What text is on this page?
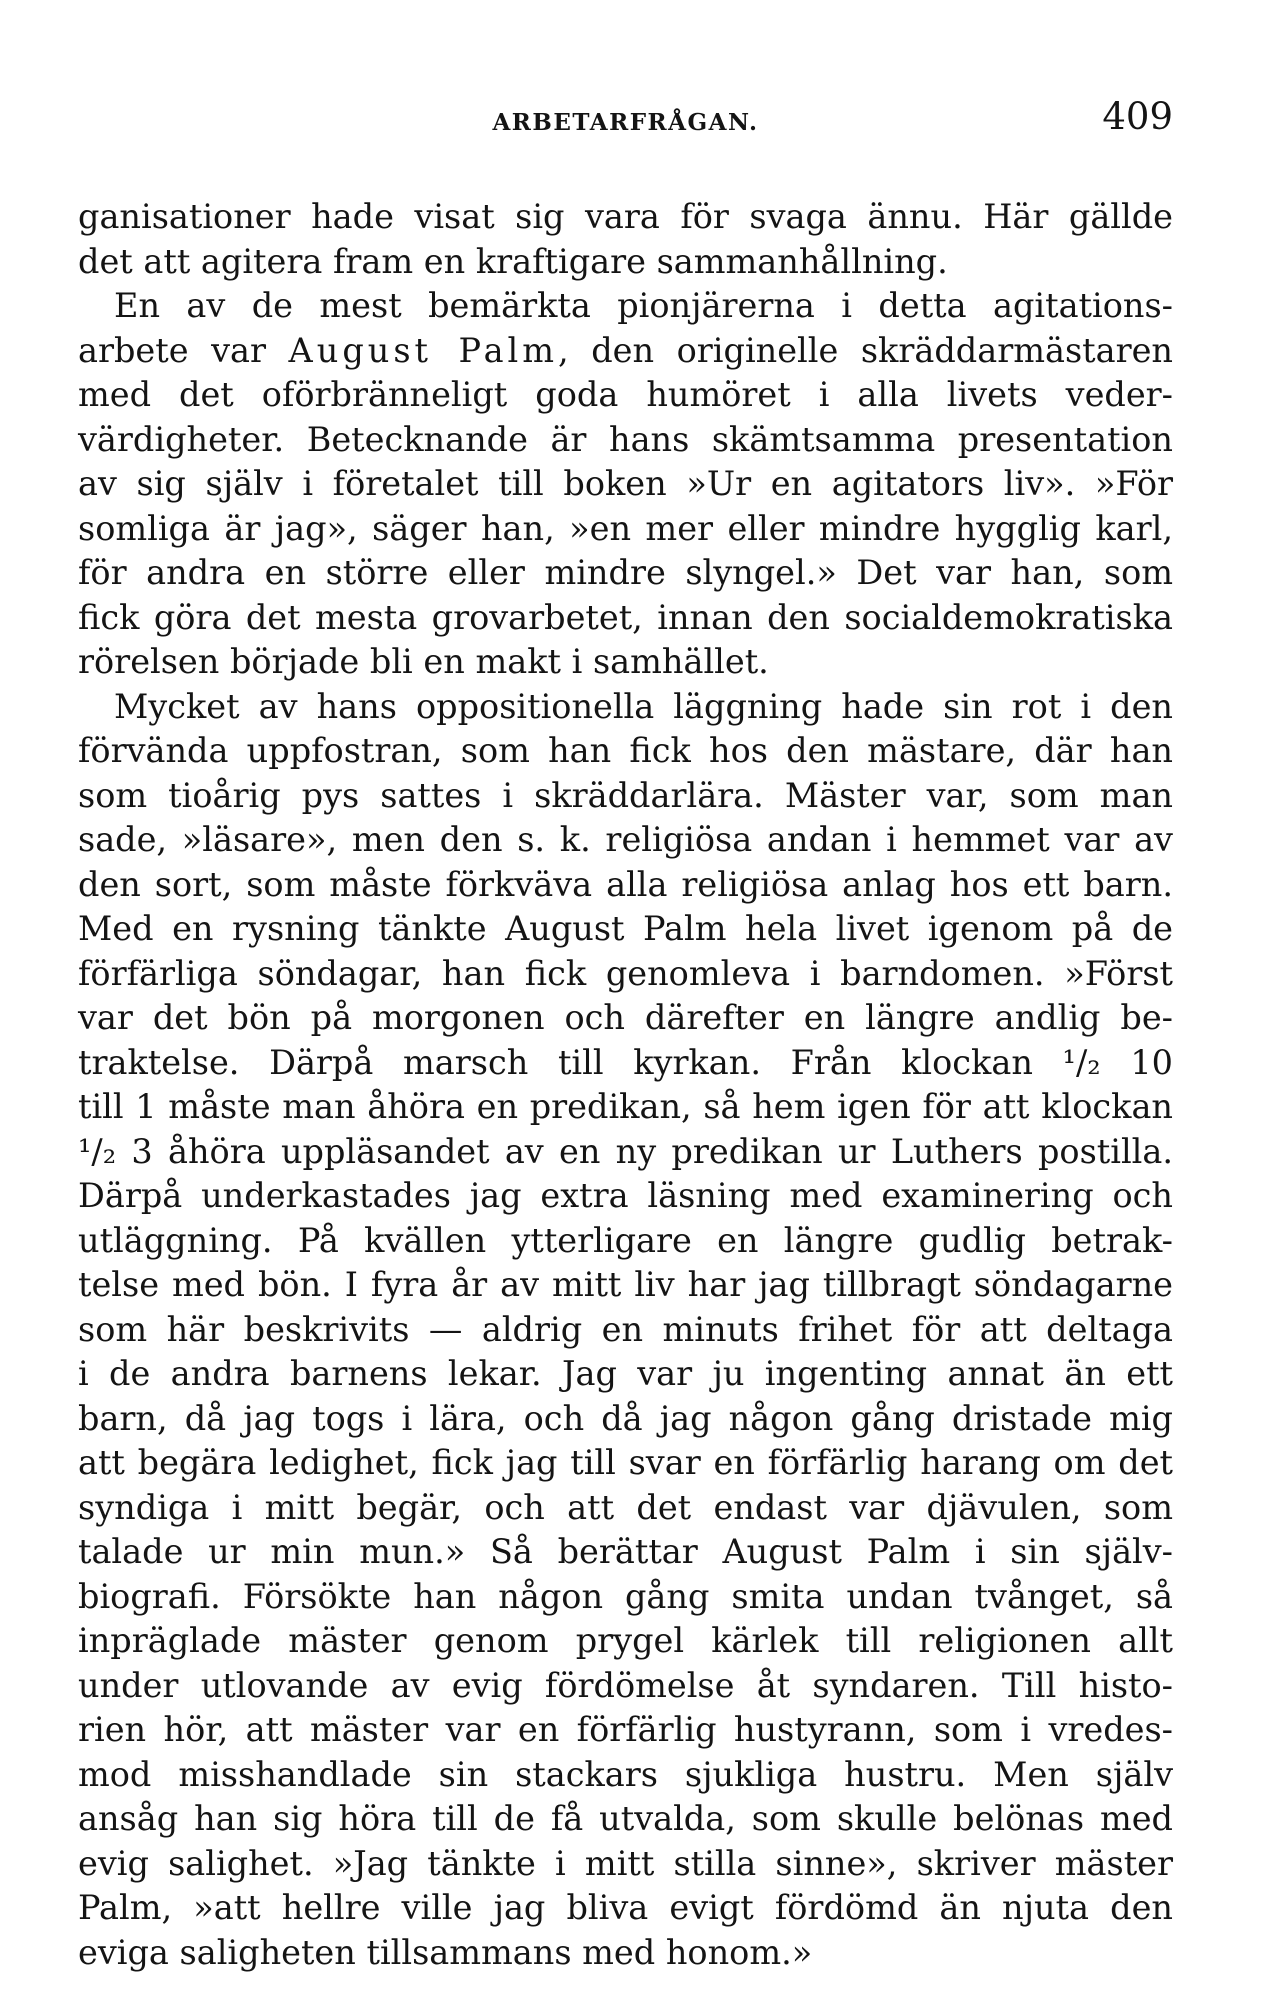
ARBETARFRÅGAN.	409
ganisationer hade visat sig vara för svaga ännu. Här gällde
det att agitera fram en kraftigare sammanhållning.
En av de mest bemärkta pionjärerna i detta agitations-
arbete var August Palm, den originelle skräddarmästaren
med det oförbränneligt goda humöret i alla livets veder-
värdigheter. Betecknande är hans skämtsamma presentation
av sig själv i företalet till boken »Ur en agitators liv». »För
somliga är jag», säger han, »en mer eller mindre hygglig karl,
för andra en större eller mindre slyngel.» Det var han, som
fick göra det mesta grovarbetet, innan den socialdemokratiska
rörelsen började bli en makt i samhället.
Mycket av hans oppositionella läggning hade sin rot i den
förvända uppfostran, som han fick hos den mästare, där han
som tioårig pys sattes i skräddarlära. Mäster var, som man
sade, »läsare», men den s. k. religiösa andan i hemmet var av
den sort, som måste förkväva alla religiösa anlag hos ett barn.
Med en rysning tänkte August Palm hela livet igenom på de
förfärliga söndagar, han fick genomleva i barndomen. »Först
var det bön på morgonen och därefter en längre andlig be-
traktelse. Därpå marsch till kyrkan. Från klockan ¹/₂ 10
till 1 måste man åhöra en predikan, så hem igen för att klockan
¹/₂ 3 åhöra uppläsandet av en ny predikan ur Luthers postilla.
Därpå underkastades jag extra läsning med examinering och
utläggning. På kvällen ytterligare en längre gudlig betrak-
telse med bön. I fyra år av mitt liv har jag tillbragt söndagarne
som här beskrivits — aldrig en minuts frihet för att deltaga
i de andra barnens lekar. Jag var ju ingenting annat än ett
barn, då jag togs i lära, och då jag någon gång dristade mig
att begära ledighet, fick jag till svar en förfärlig harang om det
syndiga i mitt begär, och att det endast var djävulen, som
talade ur min mun.» Så berättar August Palm i sin själv-
biografi. Försökte han någon gång smita undan tvånget, så
inpräglade mäster genom prygel kärlek till religionen allt
under utlovande av evig fördömelse åt syndaren. Till histo-
rien hör, att mäster var en förfärlig hustyrann, som i vredes-
mod misshandlade sin stackars sjukliga hustru. Men själv
ansåg han sig höra till de få utvalda, som skulle belönas med
evig salighet. »Jag tänkte i mitt stilla sinne», skriver mäster
Palm, »att hellre ville jag bliva evigt fördömd än njuta den
eviga saligheten tillsammans med honom.»
